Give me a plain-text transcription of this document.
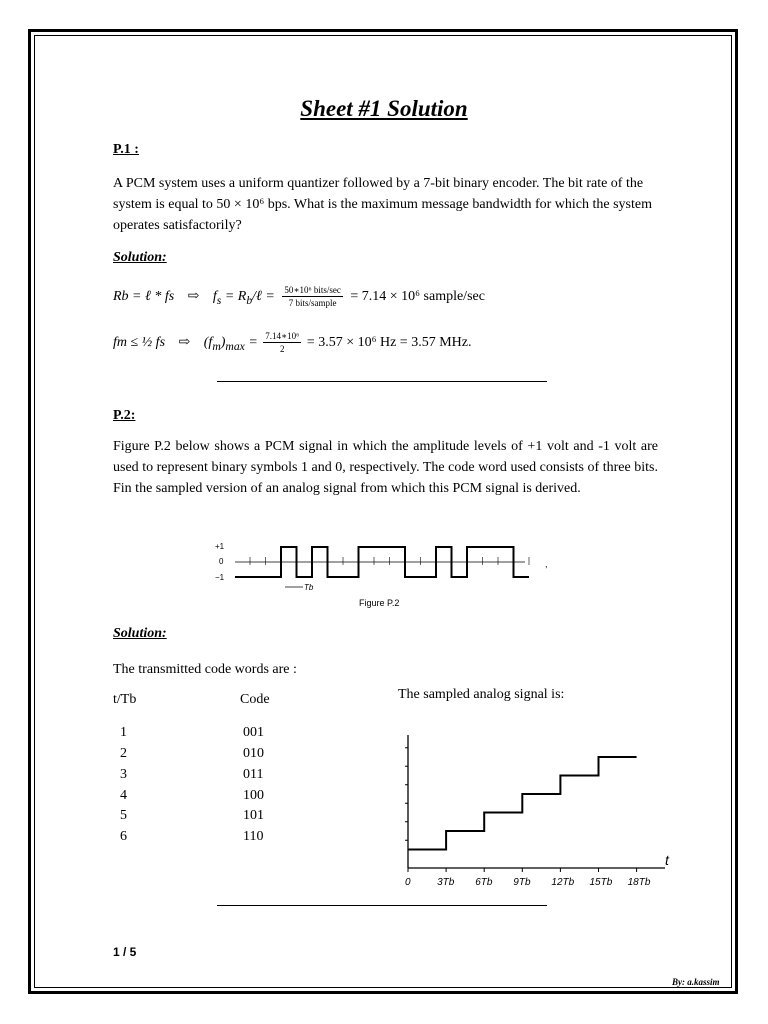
Sheet #1 Solution
P.1 :
A PCM system uses a uniform quantizer followed by a 7-bit binary encoder. The bit rate of the system is equal to 50 × 10⁶ bps. What is the maximum message bandwidth for which the system operates satisfactorily?
Solution:
Rb = ℓ * fs ⇨ $f_s$ = $R_b/\ell = \frac{\text{50∗10⁶ bits/sec}}{\text{7 bits/sample}} = 7.14 \times 10^6$ sample/sec
fm ≤ ½ fs ⇨ $(f_m)_{max} = \frac{\text{7.14∗10⁶}}{2} = 3.57 \times 10^6$ Hz = 3.57 MHz.
P.2:
Figure P.2 below shows a PCM signal in which the amplitude levels of +1 volt and -1 volt are used to represent binary symbols 1 and 0, respectively. The code word used consists of three bits. Fin the sampled version of an analog signal from which this PCM signal is derived.
+1
0
−1
Tb
Figure P.2
,
Solution:
The transmitted code words are :
t/Tb	Code
1	001
2	010
3	011
4	100
5	101
6	110
The sampled analog signal is:
0	3Tb 6Tb 9Tb 12Tb 15Tb 18Tb
t
1 / 5
By: a.kassim
